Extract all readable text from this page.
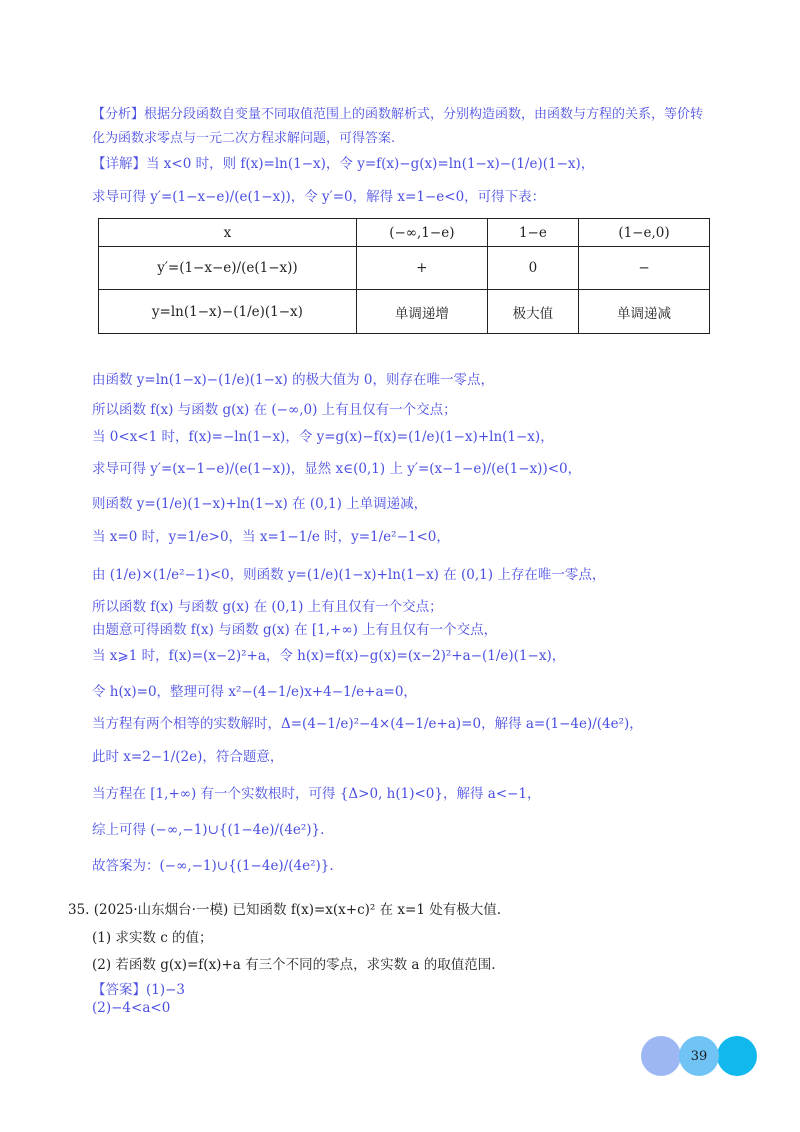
【分析】根据分段函数自变量不同取值范围上的函数解析式，分别构造函数，由函数与方程的关系，等价转
化为函数求零点与一元二次方程求解问题，可得答案.
【详解】当 x<0 时，则 f(x)=ln(1−x)，令 y=f(x)−g(x)=ln(1−x)−(1/e)(1−x)，
求导可得 y′=(1−x−e)/(e(1−x))，令 y′=0，解得 x=1−e<0，可得下表：
x	(−∞,1−e)	1−e	(1−e,0)
y′=(1−x−e)/(e(1−x))	+	0	−
y=ln(1−x)−(1/e)(1−x)	单调递增	极大值	单调递减
由函数 y=ln(1−x)−(1/e)(1−x) 的极大值为 0，则存在唯一零点，
所以函数 f(x) 与函数 g(x) 在 (−∞,0) 上有且仅有一个交点；
当 0<x<1 时，f(x)=−ln(1−x)，令 y=g(x)−f(x)=(1/e)(1−x)+ln(1−x)，
求导可得 y′=(x−1−e)/(e(1−x))，显然 x∈(0,1) 上 y′=(x−1−e)/(e(1−x))<0，
则函数 y=(1/e)(1−x)+ln(1−x) 在 (0,1) 上单调递减，
当 x=0 时，y=1/e>0，当 x=1−1/e 时，y=1/e²−1<0，
由 (1/e)×(1/e²−1)<0，则函数 y=(1/e)(1−x)+ln(1−x) 在 (0,1) 上存在唯一零点，
所以函数 f(x) 与函数 g(x) 在 (0,1) 上有且仅有一个交点；
由题意可得函数 f(x) 与函数 g(x) 在 [1,+∞) 上有且仅有一个交点，
当 x⩾1 时，f(x)=(x−2)²+a，令 h(x)=f(x)−g(x)=(x−2)²+a−(1/e)(1−x)，
令 h(x)=0，整理可得 x²−(4−1/e)x+4−1/e+a=0，
当方程有两个相等的实数解时，Δ=(4−1/e)²−4×(4−1/e+a)=0，解得 a=(1−4e)/(4e²)，
此时 x=2−1/(2e)，符合题意，
当方程在 [1,+∞) 有一个实数根时，可得 {Δ>0, h(1)<0}，解得 a<−1，
综上可得 (−∞,−1)∪{(1−4e)/(4e²)}.
故答案为：(−∞,−1)∪{(1−4e)/(4e²)}.
35. (2025·山东烟台·一模) 已知函数 f(x)=x(x+c)² 在 x=1 处有极大值.
(1) 求实数 c 的值；
(2) 若函数 g(x)=f(x)+a 有三个不同的零点，求实数 a 的取值范围.
【答案】(1)−3
(2)−4<a<0
39
